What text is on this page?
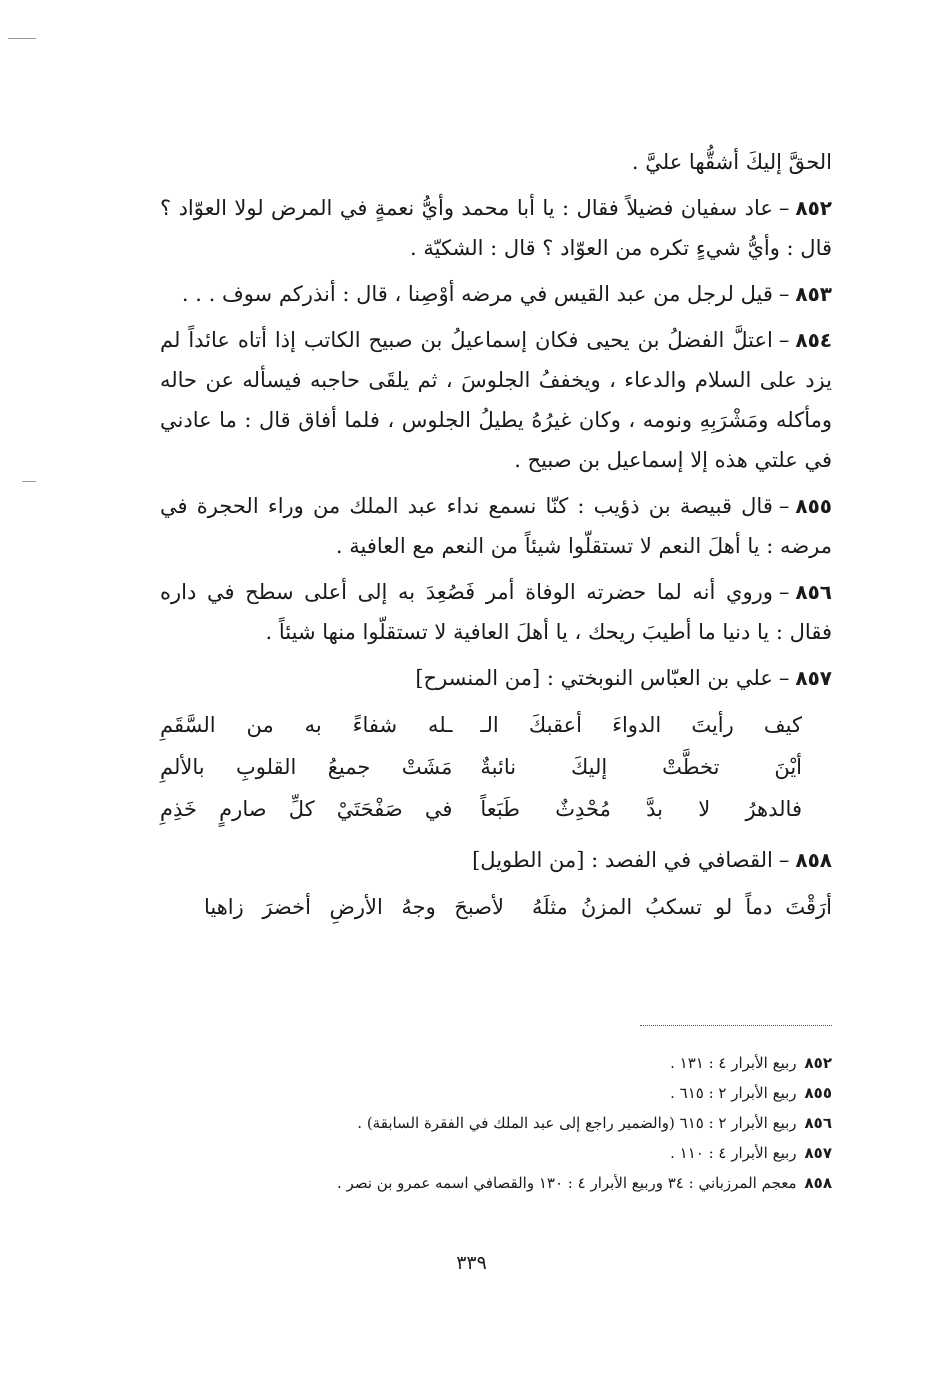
الحقَّ إليكَ أشقُّها عليَّ .

٨٥٢–عاد سفيان فضيلاً فقال : يا أبا محمد وأيُّ نعمةٍ في المرض لولا العوّاد ؟ قال : وأيُّ شيءٍ تكره من العوّاد ؟ قال : الشكيّة .

٨٥٣–قيل لرجل من عبد القيس في مرضه أوْصِنا ، قال : أنذركم سوف . . .

٨٥٤–اعتلَّ الفضلُ بن يحيى فكان إسماعيلُ بن صبيح الكاتب إذا أتاه عائداً لم يزد على السلام والدعاء ، ويخففُ الجلوسَ ، ثم يلقَى حاجبه فيسأله عن حاله ومأكله ومَشْرَبِهِ ونومه ، وكان غيرُهُ يطيلُ الجلوس ، فلما أفاق قال : ما عادني في علتي هذه إلا إسماعيل بن صبيح .

٨٥٥–قال قبيصة بن ذؤيب : كنّا نسمع نداء عبد الملك من وراء الحجرة في مرضه : يا أهلَ النعم لا تستقلّوا شيئاً من النعم مع العافية .

٨٥٦–وروي أنه لما حضرته الوفاة أمر فَصُعِدَ به إلى أعلى سطح في داره فقال : يا دنيا ما أطيبَ ريحك ، يا أهلَ العافية لا تستقلّوا منها شيئاً .

٨٥٧–علي بن العبّاس النوبختي : [من المنسرح]

كيف رأيتَ الدواءَ أعقبكَ الـ
ـله شفاءً به من السَّقَمِ
أيْنَ تخطَّتْ إليكَ نائبةٌ
مَشَتْ جميعُ القلوبِ بالألمِ
فالدهرُ لا بدَّ مُحْدِثٌ طَبَعاً
في صَفْحَتَيْ كلِّ صارمٍ خَذِمِ

٨٥٨–القصافي في الفصد : [من الطويل]

أرَقْتَ دماً لو تسكبُ المزنُ مثلَهُ
لأصبحَ وجهُ الأرضِ أخضرَ زاهيا
٨٥٢ربيع الأبرار ٤ : ١٣١ .
٨٥٥ربيع الأبرار ٢ : ٦١٥ .
٨٥٦ربيع الأبرار ٢ : ٦١٥ (والضمير راجع إلى عبد الملك في الفقرة السابقة) .
٨٥٧ربيع الأبرار ٤ : ١١٠ .
٨٥٨معجم المرزباني : ٣٤ وربيع الأبرار ٤ : ١٣٠ والقصافي اسمه عمرو بن نصر .
٣٣٩
